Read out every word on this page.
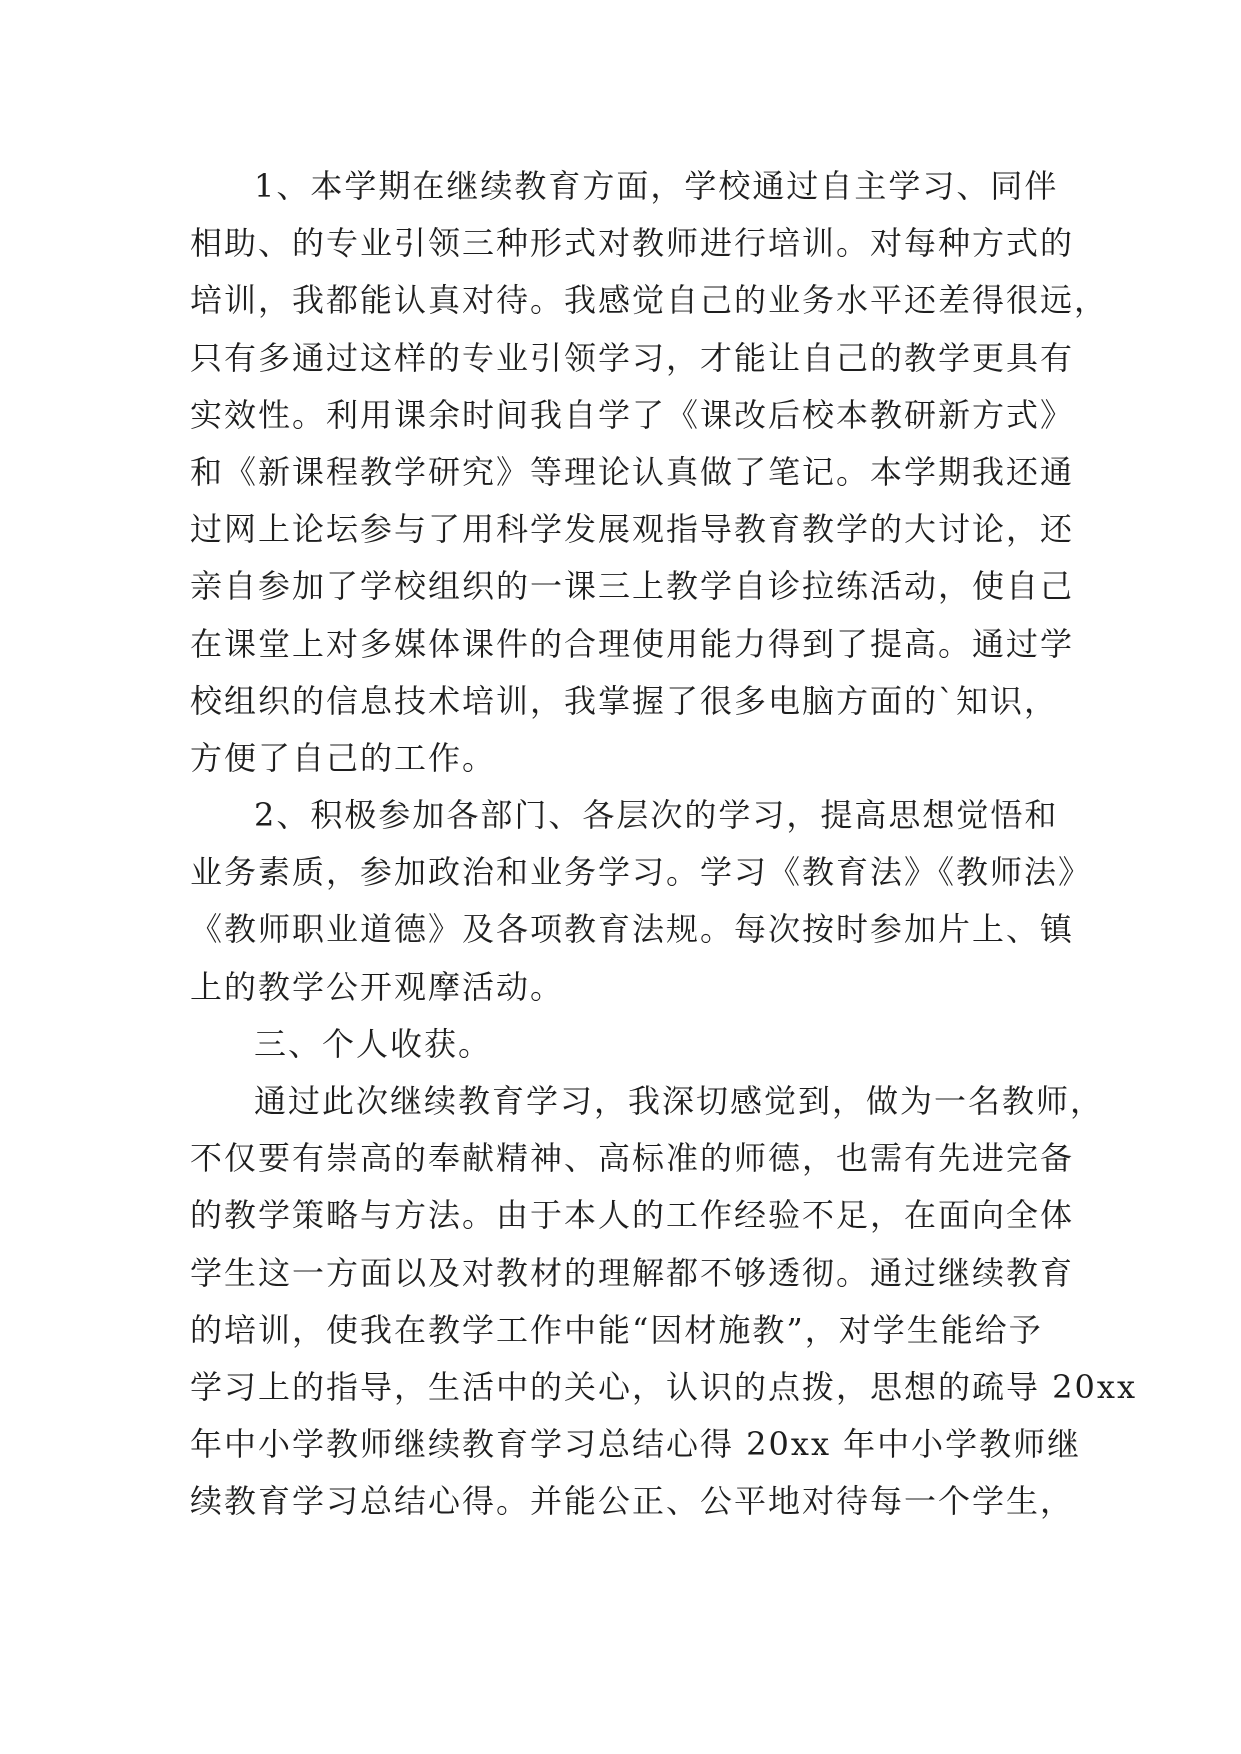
1、本学期在继续教育方面，学校通过自主学习、同伴
相助、的专业引领三种形式对教师进行培训。对每种方式的
培训，我都能认真对待。我感觉自己的业务水平还差得很远，
只有多通过这样的专业引领学习，才能让自己的教学更具有
实效性。利用课余时间我自学了《课改后校本教研新方式》
和《新课程教学研究》等理论认真做了笔记。本学期我还通
过网上论坛参与了用科学发展观指导教育教学的大讨论，还
亲自参加了学校组织的一课三上教学自诊拉练活动，使自己
在课堂上对多媒体课件的合理使用能力得到了提高。通过学
校组织的信息技术培训，我掌握了很多电脑方面的`知识，
方便了自己的工作。
2、积极参加各部门、各层次的学习，提高思想觉悟和
业务素质，参加政治和业务学习。学习《教育法》《教师法》
《教师职业道德》及各项教育法规。每次按时参加片上、镇
上的教学公开观摩活动。
三、个人收获。
通过此次继续教育学习，我深切感觉到，做为一名教师，
不仅要有崇高的奉献精神、高标准的师德，也需有先进完备
的教学策略与方法。由于本人的工作经验不足，在面向全体
学生这一方面以及对教材的理解都不够透彻。通过继续教育
的培训，使我在教学工作中能“因材施教”，对学生能给予
学习上的指导，生活中的关心，认识的点拨，思想的疏导 20xx
年中小学教师继续教育学习总结心得 20xx 年中小学教师继
续教育学习总结心得。并能公正、公平地对待每一个学生，
